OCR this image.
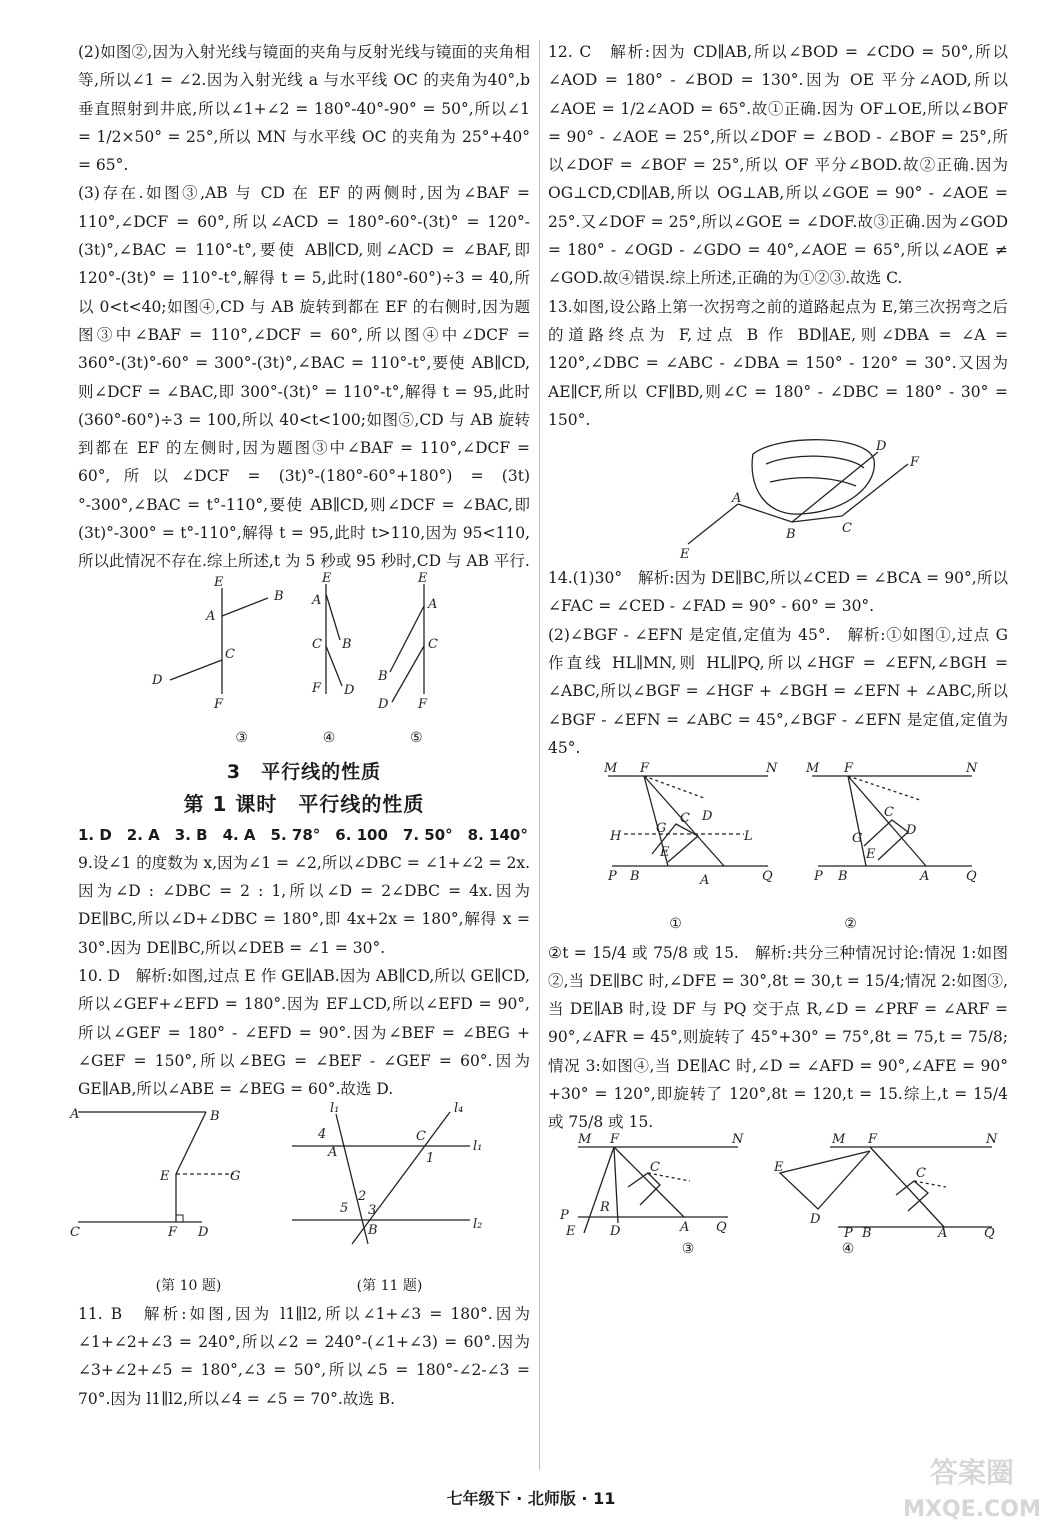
(2)如图②,因为入射光线与镜面的夹角与反射光线与镜面的夹角相等,所以∠1 = ∠2.因为入射光线 a 与水平线 OC 的夹角为40°,b 垂直照射到井底,所以∠1+∠2 = 180°-40°-90° = 50°,所以∠1 = 1/2×50° = 25°,所以 MN 与水平线 OC 的夹角为 25°+40° = 65°.

(3)存在.如图③,AB 与 CD 在 EF 的两侧时,因为∠BAF = 110°,∠DCF = 60°,所以∠ACD = 180°-60°-(3t)° = 120°-(3t)°,∠BAC = 110°-t°,要使 AB∥CD,则∠ACD = ∠BAF,即 120°-(3t)° = 110°-t°,解得 t = 5,此时(180°-60°)÷3 = 40,所以 0<t<40;如图④,CD 与 AB 旋转到都在 EF 的右侧时,因为题图③中∠BAF = 110°,∠DCF = 60°,所以图④中∠DCF = 360°-(3t)°-60° = 300°-(3t)°,∠BAC = 110°-t°,要使 AB∥CD,则∠DCF = ∠BAC,即 300°-(3t)° = 110°-t°,解得 t = 95,此时(360°-60°)÷3 = 100,所以 40<t<100;如图⑤,CD 与 AB 旋转到都在 EF 的左侧时,因为题图③中∠BAF = 110°,∠DCF = 60°,所以∠DCF = (3t)°-(180°-60°+180°) = (3t)°-300°,∠BAC = t°-110°,要使 AB∥CD,则∠DCF = ∠BAC,即(3t)°-300° = t°-110°,解得 t = 95,此时 t>110,因为 95<110,所以此情况不存在.综上所述,t 为 5 秒或 95 秒时,CD 与 AB 平行.

E
A
B
C
D
F
E
A
B
C
F D
E
A
B
C
D F
③	④	⑤
3　平行线的性质
第 1 课时　平行线的性质

1. D　2. A　3. B　4. A　5. 78°　6. 100　7. 50°　8. 140°

9.设∠1 的度数为 x,因为∠1 = ∠2,所以∠DBC = ∠1+∠2 = 2x.因为∠D : ∠DBC = 2 : 1,所以∠D = 2∠DBC = 4x.因为 DE∥BC,所以∠D+∠DBC = 180°,即 4x+2x = 180°,解得 x = 30°.因为 DE∥BC,所以∠DEB = ∠1 = 30°.

10. D　解析:如图,过点 E 作 GE∥AB.因为 AB∥CD,所以 GE∥CD,所以∠GEF+∠EFD = 180°.因为 EF⊥CD,所以∠EFD = 90°,所以∠GEF = 180° - ∠EFD = 90°.因为∠BEF = ∠BEG + ∠GEF = 150°,所以∠BEG = ∠BEF - ∠GEF = 60°.因为 GE∥AB,所以∠ABE = ∠BEG = 60°.故选 D.

A	B
E	G
C	F D
l₁	l₄
l₁
l₂
4
A
C
1
2
5 3
B
(第 10 题)	(第 11 题)

11. B　解析:如图,因为 l1∥l2,所以∠1+∠3 = 180°.因为∠1+∠2+∠3 = 240°,所以∠2 = 240°-(∠1+∠3) = 60°.因为∠3+∠2+∠5 = 180°,∠3 = 50°,所以∠5 = 180°-∠2-∠3 = 70°.因为 l1∥l2,所以∠4 = ∠5 = 70°.故选 B.

12. C　解析:因为 CD∥AB,所以∠BOD = ∠CDO = 50°,所以∠AOD = 180° - ∠BOD = 130°.因为 OE 平分∠AOD,所以∠AOE = 1/2∠AOD = 65°.故①正确.因为 OF⊥OE,所以∠BOF = 90° - ∠AOE = 25°,所以∠DOF = ∠BOD - ∠BOF = 25°,所以∠DOF = ∠BOF = 25°,所以 OF 平分∠BOD.故②正确.因为 OG⊥CD,CD∥AB,所以 OG⊥AB,所以∠GOE = 90° - ∠AOE = 25°.又∠DOF = 25°,所以∠GOE = ∠DOF.故③正确.因为∠GOD = 180° - ∠OGD - ∠GDO = 40°,∠AOE = 65°,所以∠AOE ≠ ∠GOD.故④错误.综上所述,正确的为①②③.故选 C.

13.如图,设公路上第一次拐弯之前的道路起点为 E,第三次拐弯之后的道路终点为 F,过点 B 作 BD∥AE,则∠DBA = ∠A = 120°,∠DBC = ∠ABC - ∠DBA = 150° - 120° = 30°.又因为 AE∥CF,所以 CF∥BD,则∠C = 180° - ∠DBC = 180° - 30° = 150°.

E
A
B	C
D
F

14.(1)30°　解析:因为 DE∥BC,所以∠CED = ∠BCA = 90°,所以∠FAC = ∠CED - ∠FAD = 90° - 60° = 30°.

(2)∠BGF - ∠EFN 是定值,定值为 45°.　解析:①如图①,过点 G 作直线 HL∥MN,则 HL∥PQ,所以∠HGF = ∠EFN,∠BGH = ∠ABC,所以∠BGF = ∠HGF + ∠BGH = ∠EFN + ∠ABC,所以∠BGF - ∠EFN = ∠ABC = 45°,∠BGF - ∠EFN 是定值,定值为 45°.

M F	N
H
G
C D
L
E
P B	A	Q
M F	N
G
C
D
E
P B	A	Q
①	②

②t = 15/4 或 75/8 或 15.　解析:共分三种情况讨论:情况 1:如图②,当 DE∥BC 时,∠DFE = 30°,8t = 30,t = 15/4;情况 2:如图③,当 DE∥AB 时,设 DF 与 PQ 交于点 R,∠D = ∠PRF = ∠ARF = 90°,∠AFR = 45°,则旋转了 45°+30° = 75°,8t = 75,t = 75/8;情况 3:如图④,当 DE∥AC 时,∠D = ∠AFD = 90°,∠AFE = 90°+30° = 120°,即旋转了 120°,8t = 120,t = 15.综上,t = 15/4 或 75/8 或 15.

M F	N
C
R
P
E	D	A Q
M F	N
E
D
C
P B	A	Q
③	④
七年级下 · 北师版 · 11
答案圈
MXQE.COM
